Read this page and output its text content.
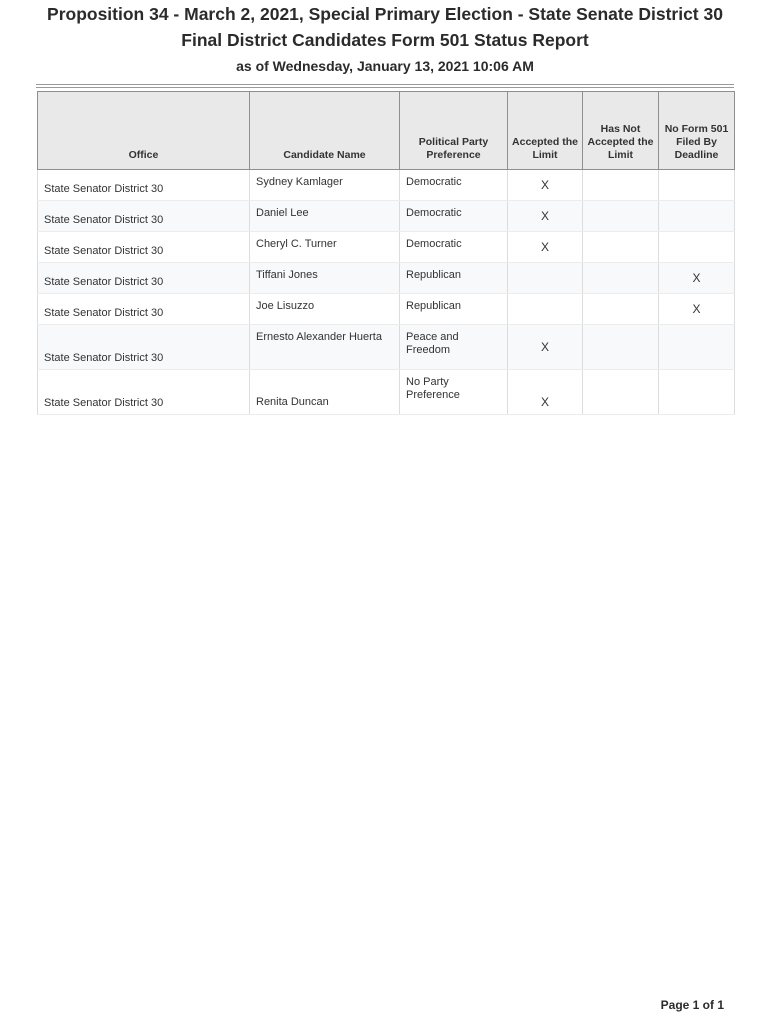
Proposition 34 - March 2, 2021, Special Primary Election - State Senate District 30
Final District Candidates Form 501 Status Report
as of Wednesday, January 13, 2021 10:06 AM
Office	Candidate Name	Political Party Preference	Accepted the Limit	Has Not Accepted the Limit	No Form 501 Filed By Deadline
State Senator District 30	Sydney Kamlager	Democratic	X		
State Senator District 30	Daniel Lee	Democratic	X		
State Senator District 30	Cheryl C. Turner	Democratic	X		
State Senator District 30	Tiffani Jones	Republican			X
State Senator District 30	Joe Lisuzzo	Republican			X
State Senator District 30	Ernesto Alexander Huerta	Peace and Freedom	X		
State Senator District 30	Renita Duncan	No Party Preference	X		
Page 1 of 1
